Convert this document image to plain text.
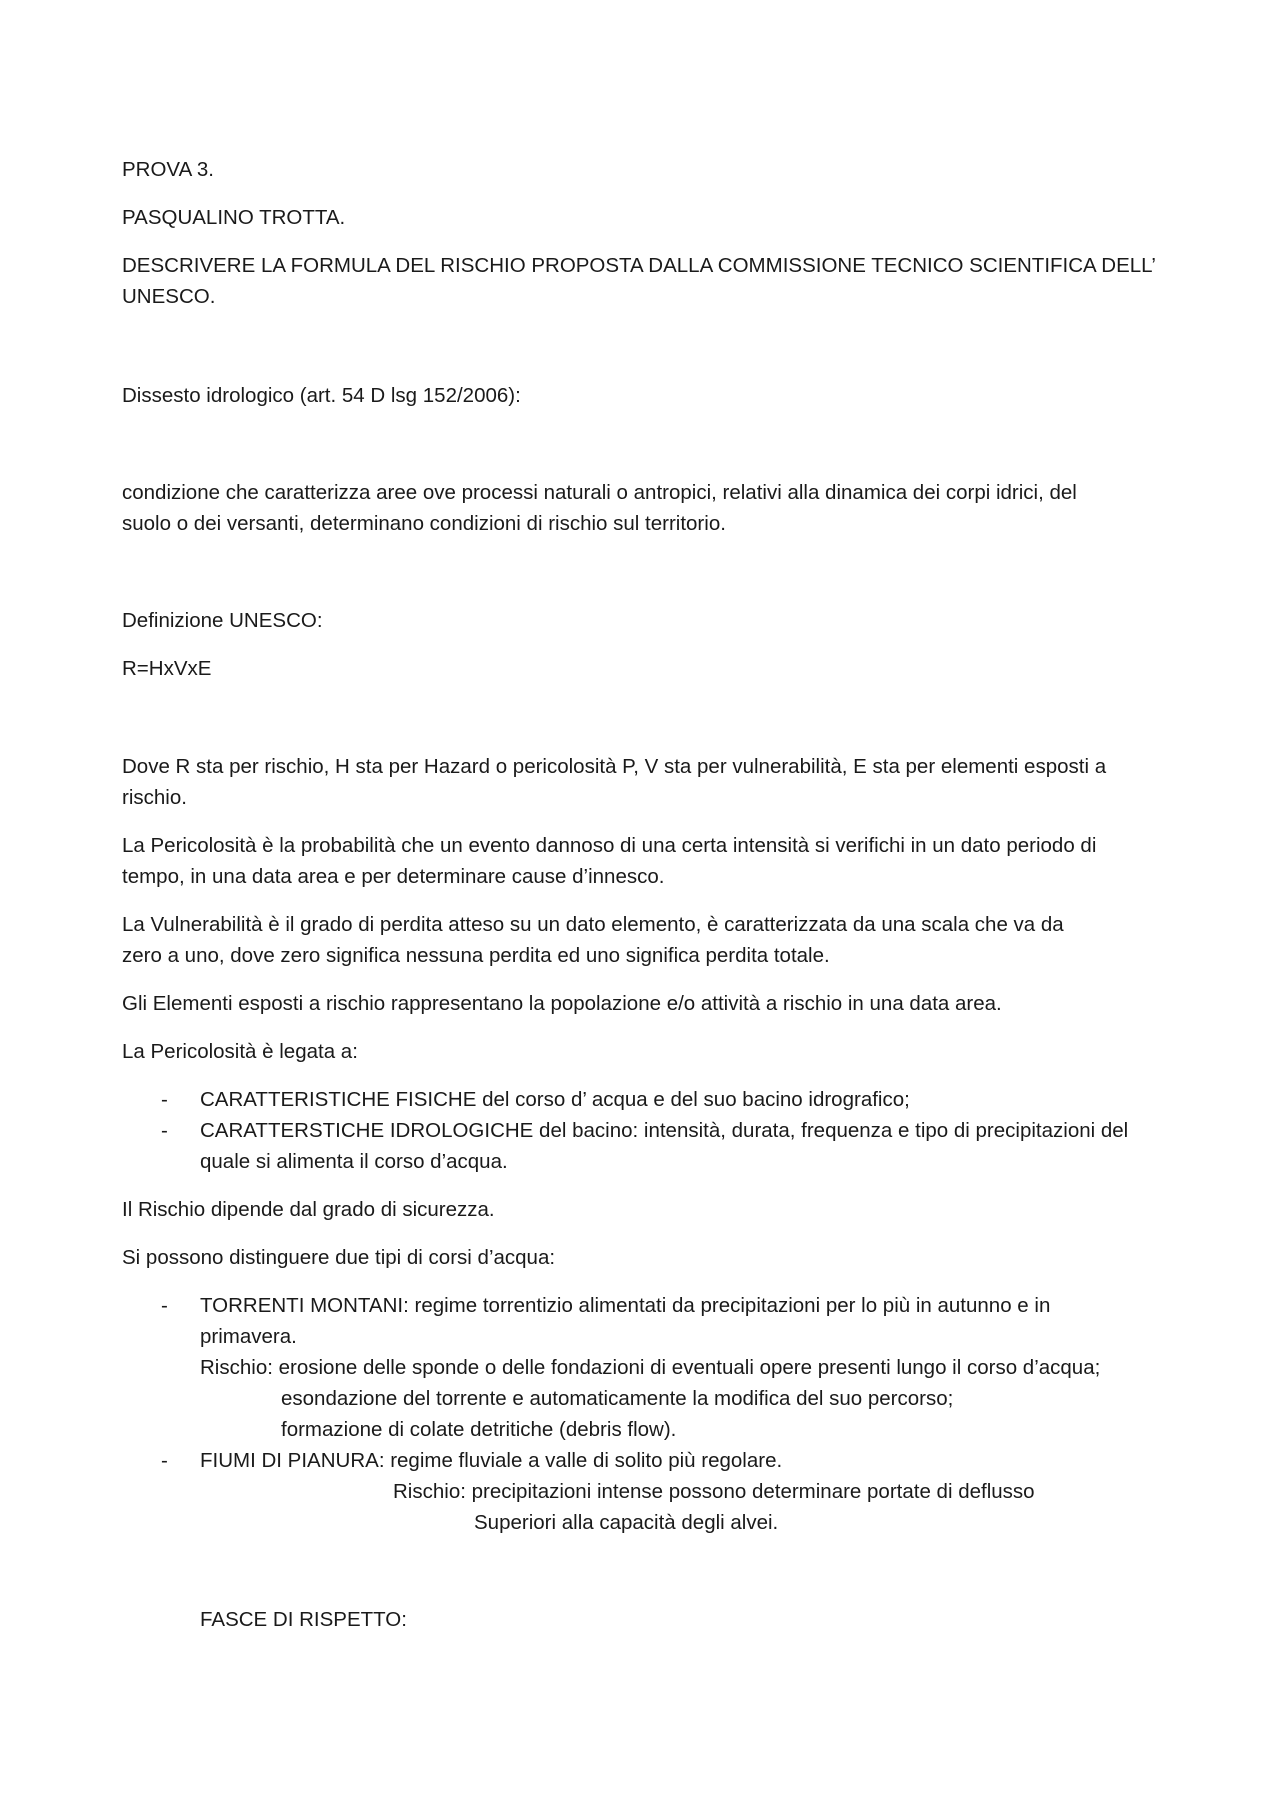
PROVA 3.
PASQUALINO TROTTA.
DESCRIVERE LA FORMULA DEL RISCHIO PROPOSTA DALLA COMMISSIONE TECNICO SCIENTIFICA DELL’
UNESCO.
Dissesto idrologico (art. 54 D lsg 152/2006):
condizione che caratterizza aree ove processi naturali o antropici, relativi alla dinamica dei corpi idrici, del
suolo o dei versanti, determinano condizioni di rischio sul territorio.
Definizione UNESCO:
R=HxVxE
Dove R sta per rischio, H sta per Hazard o pericolosità P, V sta per vulnerabilità, E sta per elementi esposti a
rischio.
La Pericolosità è la probabilità che un evento dannoso di una certa intensità si verifichi in un dato periodo di
tempo, in una data area e per determinare cause d’innesco.
La Vulnerabilità è il grado di perdita atteso su un dato elemento, è caratterizzata da una scala che va da
zero a uno, dove zero significa nessuna perdita ed uno significa perdita totale.
Gli Elementi esposti a rischio rappresentano la popolazione e/o attività a rischio in una data area.
La Pericolosità è legata a:
- CARATTERISTICHE FISICHE del corso d’ acqua e del suo bacino idrografico;
- CARATTERSTICHE IDROLOGICHE del bacino: intensità, durata, frequenza e tipo di precipitazioni del
quale si alimenta il corso d’acqua.
Il Rischio dipende dal grado di sicurezza.
Si possono distinguere due tipi di corsi d’acqua:
- TORRENTI MONTANI: regime torrentizio alimentati da precipitazioni per lo più in autunno e in
primavera.
Rischio: erosione delle sponde o delle fondazioni di eventuali opere presenti lungo il corso d’acqua;
esondazione del torrente e automaticamente la modifica del suo percorso;
formazione di colate detritiche (debris flow).
- FIUMI DI PIANURA: regime fluviale a valle di solito più regolare.
Rischio: precipitazioni intense possono determinare portate di deflusso
Superiori alla capacità degli alvei.
FASCE DI RISPETTO:
